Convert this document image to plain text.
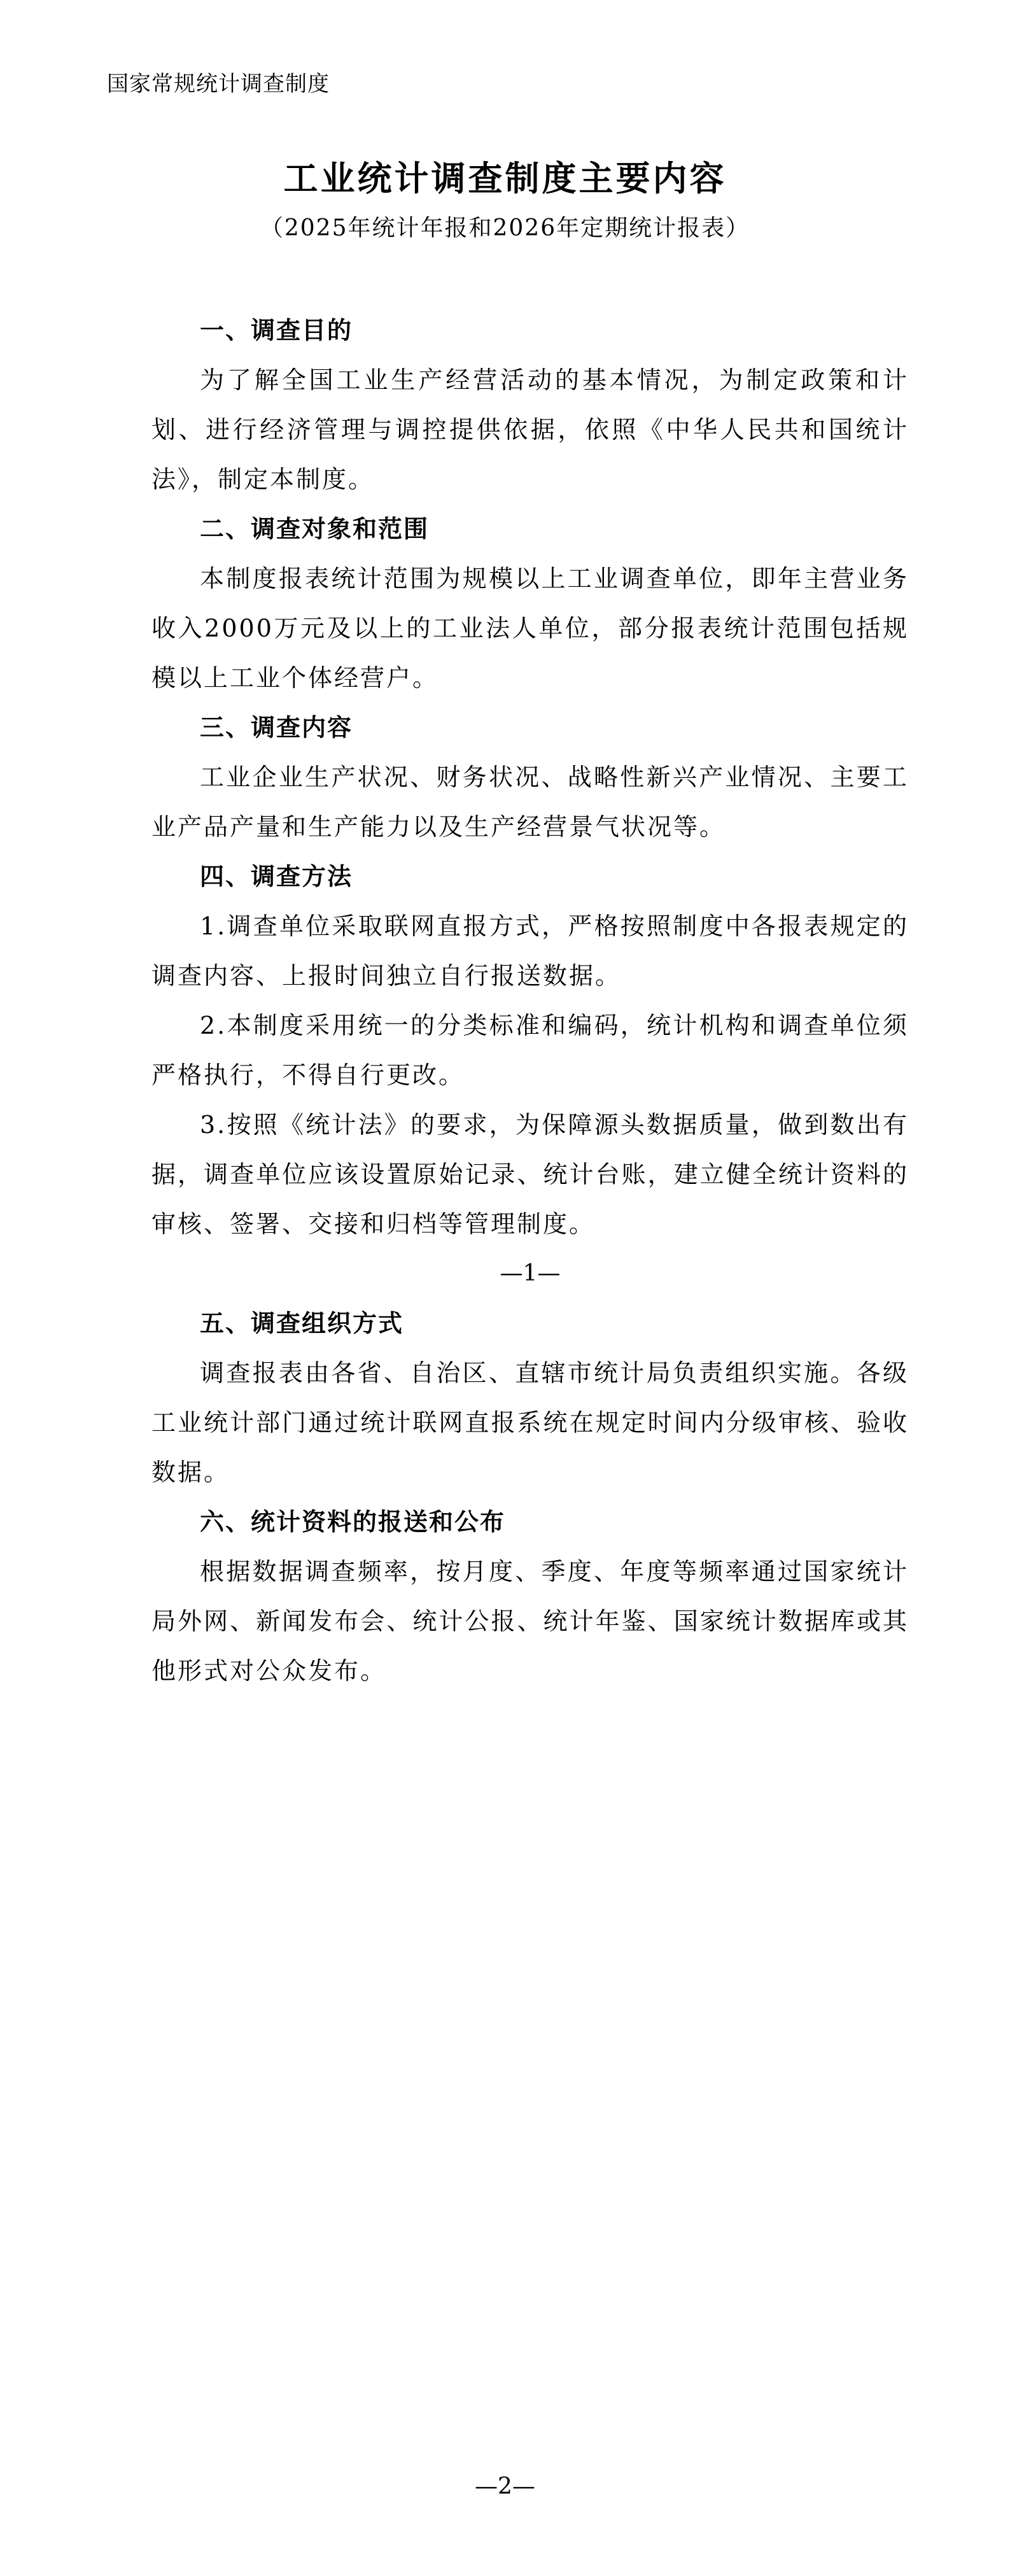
国家常规统计调查制度
工业统计调查制度主要内容
（2025年统计年报和2026年定期统计报表）

一、调查目的

为了解全国工业生产经营活动的基本情况，为制定政策和计划、进行经济管理与调控提供依据，依照《中华人民共和国统计法》，制定本制度。

二、调查对象和范围

本制度报表统计范围为规模以上工业调查单位，即年主营业务收入2000万元及以上的工业法人单位，部分报表统计范围包括规模以上工业个体经营户。

三、调查内容

工业企业生产状况、财务状况、战略性新兴产业情况、主要工业产品产量和生产能力以及生产经营景气状况等。

四、调查方法

1.调查单位采取联网直报方式，严格按照制度中各报表规定的调查内容、上报时间独立自行报送数据。

2.本制度采用统一的分类标准和编码，统计机构和调查单位须严格执行，不得自行更改。

3.按照《统计法》的要求，为保障源头数据质量，做到数出有据，调查单位应该设置原始记录、统计台账，建立健全统计资料的审核、签署、交接和归档等管理制度。

—1—

五、调查组织方式

调查报表由各省、自治区、直辖市统计局负责组织实施。各级工业统计部门通过统计联网直报系统在规定时间内分级审核、验收数据。

六、统计资料的报送和公布

根据数据调查频率，按月度、季度、年度等频率通过国家统计局外网、新闻发布会、统计公报、统计年鉴、国家统计数据库或其他形式对公众发布。

—2—
